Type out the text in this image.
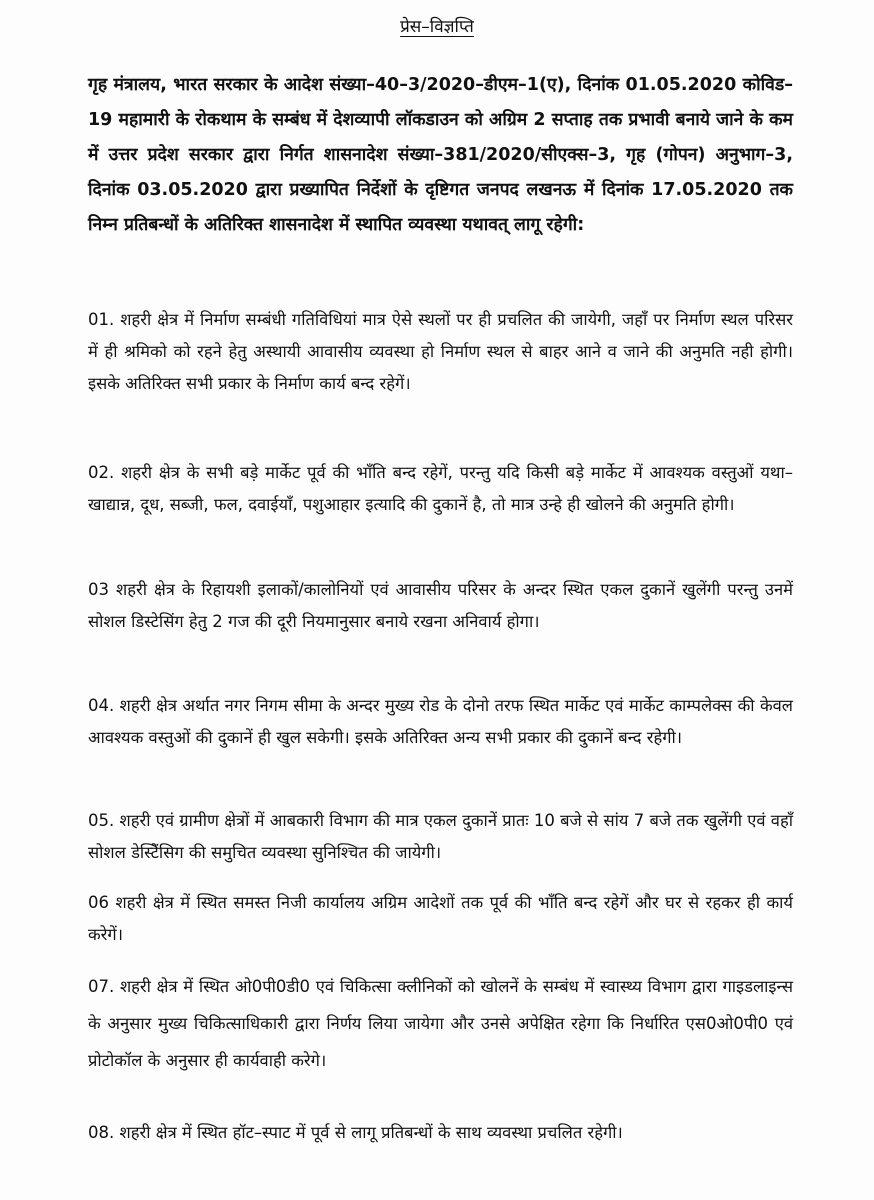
प्रेस–विज्ञप्ति
गृह मंत्रालय, भारत सरकार के आदेश संख्या–40–3/2020–डीएम–1(ए), दिनांक 01.05.2020 कोविड–19 महामारी के रोकथाम के सम्बंध में देशव्यापी लॉकडाउन को अग्रिम 2 सप्ताह तक प्रभावी बनाये जाने के कम में उत्तर प्रदेश सरकार द्वारा निर्गत शासनादेश संख्या–381/2020/सीएक्स–3, गृह (गोपन) अनुभाग–3, दिनांक 03.05.2020 द्वारा प्रख्यापित निर्देशों के दृष्टिगत जनपद लखनऊ में दिनांक 17.05.2020 तक निम्न प्रतिबन्धों के अतिरिक्त शासनादेश में स्थापित व्यवस्था यथावत् लागू रहेगी:
01. शहरी क्षेत्र में निर्माण सम्बंधी गतिविधियां मात्र ऐसे स्थलों पर ही प्रचलित की जायेगी, जहाँ पर निर्माण स्थल परिसर में ही श्रमिको को रहने हेतु अस्थायी आवासीय व्यवस्था हो निर्माण स्थल से बाहर आने व जाने की अनुमति नही होगी। इसके अतिरिक्त सभी प्रकार के निर्माण कार्य बन्द रहेगें।
02. शहरी क्षेत्र के सभी बड़े मार्केट पूर्व की भाँति बन्द रहेगें, परन्तु यदि किसी बड़े मार्केट में आवश्यक वस्तुओं यथा–खाद्यान्न, दूध, सब्जी, फल, दवाईयाँ, पशुआहार इत्यादि की दुकानें है, तो मात्र उन्हे ही खोलने की अनुमति होगी।
03 शहरी क्षेत्र के रिहायशी इलाकों/कालोनियों एवं आवासीय परिसर के अन्दर स्थित एकल दुकानें खुलेंगी परन्तु उनमें सोशल डिस्टेसिंग हेतु 2 गज की दूरी नियमानुसार बनाये रखना अनिवार्य होगा।
04. शहरी क्षेत्र अर्थात नगर निगम सीमा के अन्दर मुख्य रोड के दोनो तरफ स्थित मार्केट एवं मार्केट काम्पलेक्स की केवल आवश्यक वस्तुओं की दुकानें ही खुल सकेगी। इसके अतिरिक्त अन्य सभी प्रकार की दुकानें बन्द रहेगी।
05. शहरी एवं ग्रामीण क्षेत्रों में आबकारी विभाग की मात्र एकल दुकानें प्रातः 10 बजे से सांय 7 बजे तक खुलेंगी एवं वहाँ सोशल डेस्टिेंसिग की समुचित व्यवस्था सुनिश्चित की जायेगी।
06 शहरी क्षेत्र में स्थित समस्त निजी कार्यालय अग्रिम आदेशों तक पूर्व की भाँति बन्द रहेगें और घर से रहकर ही कार्य करेगें।
07. शहरी क्षेत्र में स्थित ओ0पी0डी0 एवं चिकित्सा क्लीनिकों को खोलनें के सम्बंध में स्वास्थ्य विभाग द्वारा गाइडलाइन्स के अनुसार मुख्य चिकित्साधिकारी द्वारा निर्णय लिया जायेगा और उनसे अपेक्षित रहेगा कि निर्धारित एस0ओ0पी0 एवं प्रोटोकॉल के अनुसार ही कार्यवाही करेगे।
08. शहरी क्षेत्र में स्थित हॉट–स्पाट में पूर्व से लागू प्रतिबन्धों के साथ व्यवस्था प्रचलित रहेगी।
